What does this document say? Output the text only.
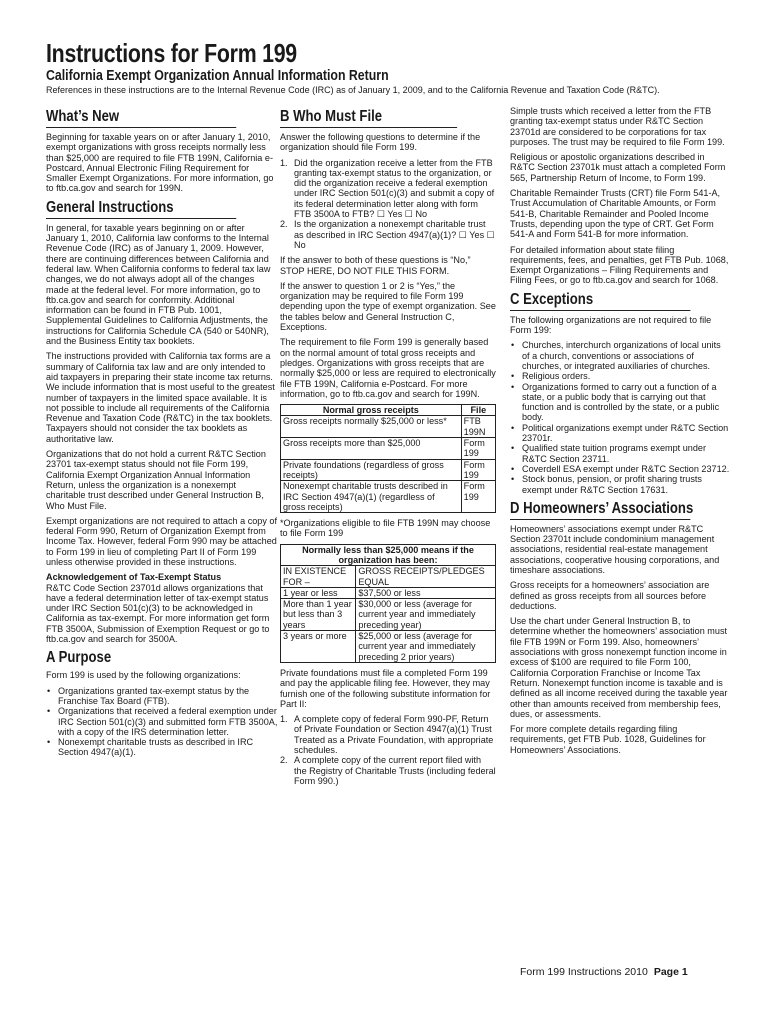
Instructions for Form 199
California Exempt Organization Annual Information Return
References in these instructions are to the Internal Revenue Code (IRC) as of January 1, 2009, and to the California Revenue and Taxation Code (R&TC).
What’s New

Beginning for taxable years on or after January 1, 2010, exempt organizations with gross receipts normally less than $25,000 are required to file FTB 199N, California e-Postcard, Annual Electronic Filing Requirement for Smaller Exempt Organizations. For more information, go to ftb.ca.gov and search for 199N.

General Instructions

In general, for taxable years beginning on or after January 1, 2010, California law conforms to the Internal Revenue Code (IRC) as of January 1, 2009. However, there are continuing differences between California and federal law. When California conforms to federal tax law changes, we do not always adopt all of the changes made at the federal level. For more information, go to ftb.ca.gov and search for conformity. Additional information can be found in FTB Pub. 1001, Supplemental Guidelines to California Adjustments, the instructions for California Schedule CA (540 or 540NR), and the Business Entity tax booklets.

The instructions provided with California tax forms are a summary of California tax law and are only intended to aid taxpayers in preparing their state income tax returns. We include information that is most useful to the greatest number of taxpayers in the limited space available. It is not possible to include all requirements of the California Revenue and Taxation Code (R&TC) in the tax booklets. Taxpayers should not consider the tax booklets as authoritative law.

Organizations that do not hold a current R&TC Section 23701 tax-exempt status should not file Form 199, California Exempt Organization Annual Information Return, unless the organization is a nonexempt charitable trust described under General Instruction B, Who Must File.

Exempt organizations are not required to attach a copy of federal Form 990, Return of Organization Exempt from Income Tax. However, federal Form 990 may be attached to Form 199 in lieu of completing Part II of Form 199 unless otherwise provided in these instructions.

Acknowledgement of Tax-Exempt Status

R&TC Code Section 23701d allows organizations that have a federal determination letter of tax-exempt status under IRC Section 501(c)(3) to be acknowledged in California as tax-exempt. For more information get form FTB 3500A, Submission of Exemption Request or go to ftb.ca.gov and search for 3500A.

A Purpose

Form 199 is used by the following organizations:

• Organizations granted tax-exempt status by the Franchise Tax Board (FTB).
• Organizations that received a federal exemption under IRC Section 501(c)(3) and submitted form FTB 3500A, with a copy of the IRS determination letter.
• Nonexempt charitable trusts as described in IRC Section 4947(a)(1).
B Who Must File

Answer the following questions to determine if the organization should file Form 199.

1. Did the organization receive a letter from the FTB granting tax-exempt status to the organization, or did the organization receive a federal exemption under IRC Section 501(c)(3) and submit a copy of its federal determination letter along with form FTB 3500A to FTB? ☐ Yes ☐ No
2. Is the organization a nonexempt charitable trust as described in IRC Section 4947(a)(1)? ☐ Yes ☐ No

If the answer to both of these questions is “No,” STOP HERE, DO NOT FILE THIS FORM.

If the answer to question 1 or 2 is “Yes,” the organization may be required to file Form 199 depending upon the type of exempt organization. See the tables below and General Instruction C, Exceptions.

The requirement to file Form 199 is generally based on the normal amount of total gross receipts and pledges. Organizations with gross receipts that are normally $25,000 or less are required to electronically file FTB 199N, California e-Postcard. For more information, go to ftb.ca.gov and search for 199N.

Normal gross receipts	File
Gross receipts normally $25,000 or less*	FTB 199N
Gross receipts more than $25,000	Form 199
Private foundations (regardless of gross receipts)	Form 199
Nonexempt charitable trusts described in IRC Section 4947(a)(1) (regardless of gross receipts)	Form 199

*Organizations eligible to file FTB 199N may choose to file Form 199

Normally less than $25,000 means if the organization has been:	
IN EXISTENCE FOR –	GROSS RECEIPTS/PLEDGES EQUAL
1 year or less	$37,500 or less
More than 1 year but less than 3 years	$30,000 or less (average for current year and immediately preceding year)
3 years or more	$25,000 or less (average for current year and immediately preceding 2 prior years)

Private foundations must file a completed Form 199 and pay the applicable filing fee. However, they may furnish one of the following substitute information for Part II:

1. A complete copy of federal Form 990-PF, Return of Private Foundation or Section 4947(a)(1) Trust Treated as a Private Foundation, with appropriate schedules.
2. A complete copy of the current report filed with the Registry of Charitable Trusts (including federal Form 990.)

Simple trusts which received a letter from the FTB granting tax-exempt status under R&TC Section 23701d are considered to be corporations for tax purposes. The trust may be required to file Form 199.

Religious or apostolic organizations described in R&TC Section 23701k must attach a completed Form 565, Partnership Return of Income, to Form 199.

Charitable Remainder Trusts (CRT) file Form 541-A, Trust Accumulation of Charitable Amounts, or Form 541-B, Charitable Remainder and Pooled Income Trusts, depending upon the type of CRT. Get Form 541-A and Form 541-B for more information.

For detailed information about state filing requirements, fees, and penalties, get FTB Pub. 1068, Exempt Organizations – Filing Requirements and Filing Fees, or go to ftb.ca.gov and search for 1068.

C Exceptions

The following organizations are not required to file Form 199:

• Churches, interchurch organizations of local units of a church, conventions or associations of churches, or integrated auxiliaries of churches.
• Religious orders.
• Organizations formed to carry out a function of a state, or a public body that is carrying out that function and is controlled by the state, or a public body.
• Political organizations exempt under R&TC Section 23701r.
• Qualified state tuition programs exempt under R&TC Section 23711.
• Coverdell ESA exempt under R&TC Section 23712.
• Stock bonus, pension, or profit sharing trusts exempt under R&TC Section 17631.
D Homeowners’ Associations

Homeowners’ associations exempt under R&TC Section 23701t include condominium management associations, residential real-estate management associations, cooperative housing corporations, and timeshare associations.

Gross receipts for a homeowners’ association are defined as gross receipts from all sources before deductions.

Use the chart under General Instruction B, to determine whether the homeowners’ association must file FTB 199N or Form 199. Also, homeowners’ associations with gross nonexempt function income in excess of $100 are required to file Form 100, California Corporation Franchise or Income Tax Return. Nonexempt function income is taxable and is defined as all income received during the taxable year other than amounts received from membership fees, dues, or assessments.

For more complete details regarding filing requirements, get FTB Pub. 1028, Guidelines for Homeowners’ Associations.

Form 199 Instructions 2010 Page 1
